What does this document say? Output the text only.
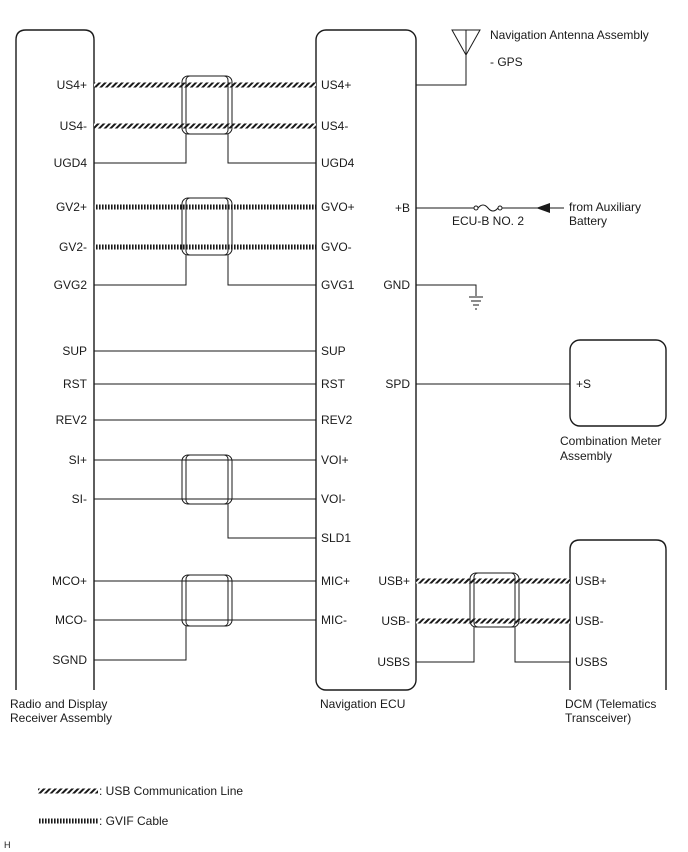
US4+
US4-
UGD4
GV2+
GV2-
GVG2
SUP
RST
REV2
SI+
SI-
MCO+
MCO-
SGND
US4+
US4-
UGD4
GVO+
GVO-
GVG1
SUP
RST
REV2
VOI+
VOI-
SLD1
MIC+
MIC-
+B
GND
SPD
USB+
USB-
USBS
+S
USB+
USB-
USBS
Navigation Antenna Assembly
- GPS
ECU-B NO. 2
from Auxiliary
Battery
Combination Meter
Assembly
Radio and Display
Receiver Assembly
Navigation ECU	DCM (Telematics
Transceiver)
: USB Communication Line
: GVIF Cable
H
